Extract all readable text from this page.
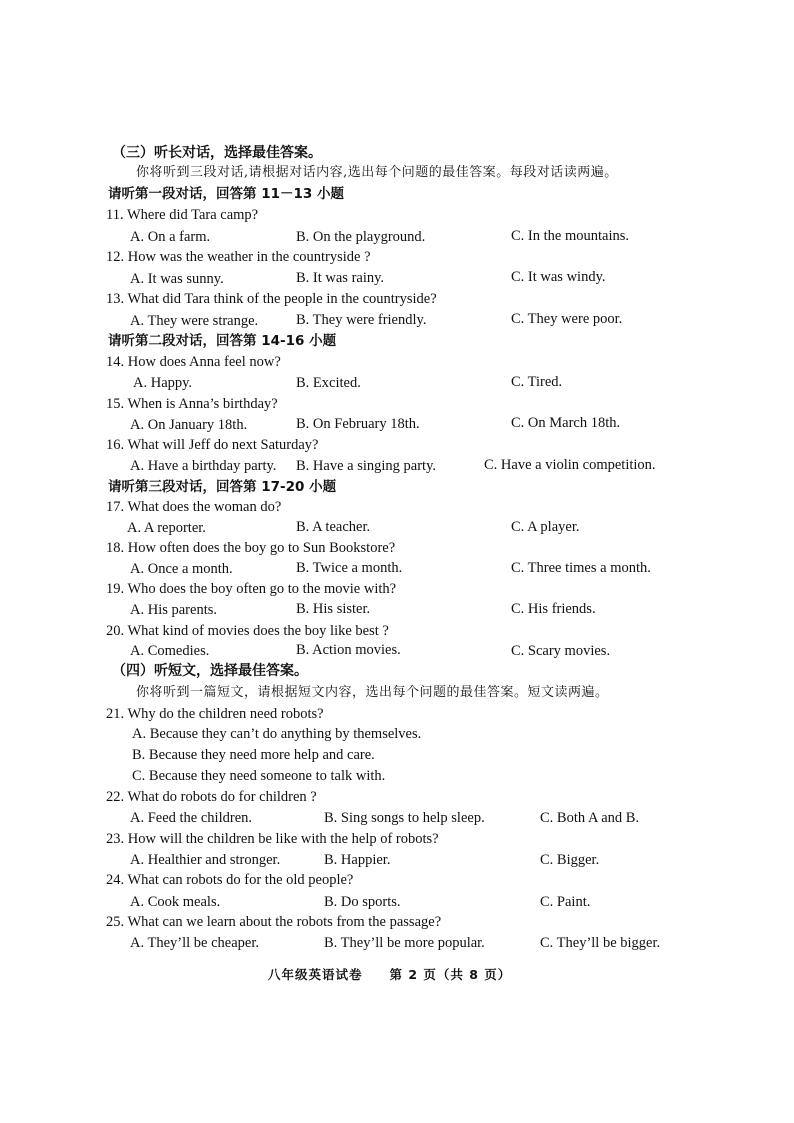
（三）听长对话，选择最佳答案。
你将听到三段对话,请根据对话内容,选出每个问题的最佳答案。每段对话读两遍。
请听第一段对话，回答第 11－13 小题
11. Where did Tara camp?
A. On a farm.	B. On the playground.	C. In the mountains.
12. How was the weather in the countryside ?
A. It was sunny.	B. It was rainy.	C. It was windy.
13. What did Tara think of the people in the countryside?
A. They were strange.	B. They were friendly.	C. They were poor.
请听第二段对话，回答第 14-16 小题
14. How does Anna feel now?
A. Happy.	B. Excited.	C. Tired.
15. When is Anna’s birthday?
A. On January 18th.	B. On February 18th.	C. On March 18th.
16. What will Jeff do next Saturday?
A. Have a birthday party. B. Have a singing party.	C. Have a violin competition.
请听第三段对话，回答第 17-20 小题
17. What does the woman do?
A. A reporter.	B. A teacher.	C. A player.
18. How often does the boy go to Sun Bookstore?
A. Once a month.	B. Twice a month.	C. Three times a month.
19. Who does the boy often go to the movie with?
A. His parents.	B. His sister.	C. His friends.
20. What kind of movies does the boy like best ?
A. Comedies.	B. Action movies.	C. Scary movies.
（四）听短文，选择最佳答案。
你将听到一篇短文，请根据短文内容，选出每个问题的最佳答案。短文读两遍。
21. Why do the children need robots?
A. Because they can’t do anything by themselves.
B. Because they need more help and care.
C. Because they need someone to talk with.
22. What do robots do for children ?
A. Feed the children.	B. Sing songs to help sleep.	C. Both A and B.
23. How will the children be like with the help of robots?
A. Healthier and stronger.	B. Happier.	C. Bigger.
24. What can robots do for the old people?
A. Cook meals.	B. Do sports.	C. Paint.
25. What can we learn about the robots from the passage?
A. They’ll be cheaper.	B. They’ll be more popular.	C. They’ll be bigger.
八年级英语试卷　　第 2 页（共 8 页）
